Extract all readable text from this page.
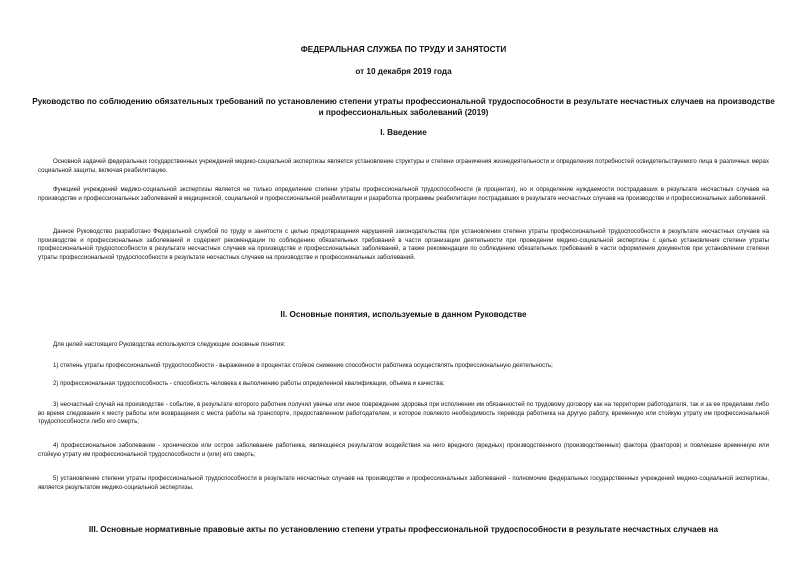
ФЕДЕРАЛЬНАЯ СЛУЖБА ПО ТРУДУ И ЗАНЯТОСТИ
от 10 декабря 2019 года
Руководство по соблюдению обязательных требований по установлению степени утраты профессиональной трудоспособности в результате несчастных случаев на производстве и профессиональных заболеваний (2019)
I. Введение
Основной задачей федеральных государственных учреждений медико-социальной экспертизы является установление структуры и степени ограничения жизнедеятельности и определения потребностей освидетельствуемого лица в различных мерах социальной защиты, включая реабилитацию.
Функцией учреждений медико-социальной экспертизы является не только определение степени утраты профессиональной трудоспособности (в процентах), но и определение нуждаемости пострадавших в результате несчастных случаев на производстве и профессиональных заболеваний в медицинской, социальной и профессиональной реабилитации и разработка программы реабилитации пострадавших в результате несчастных случаев на производстве и профессиональных заболеваний.
Данное Руководство разработано Федеральной службой по труду и занятости с целью предотвращения нарушений законодательства при установлении степени утраты профессиональной трудоспособности в результате несчастных случаев на производстве и профессиональных заболеваний и содержит рекомендации по соблюдению обязательных требований в части организации деятельности при проведении медико-социальной экспертизы с целью установления степени утраты профессиональной трудоспособности в результате несчастных случаев на производстве и профессиональных заболеваний, а также рекомендации по соблюдению обязательных требований в части оформления документов при установлении степени утраты профессиональной трудоспособности в результате несчастных случаев на производстве и профессиональных заболеваний.
II. Основные понятия, используемые в данном Руководстве
Для целей настоящего Руководства используются следующие основные понятия:
1) степень утраты профессиональной трудоспособности - выраженное в процентах стойкое снижение способности работника осуществлять профессиональную деятельность;
2) профессиональная трудоспособность - способность человека к выполнению работы определенной квалификации, объема и качества;
3) несчастный случай на производстве - событие, в результате которого работник получил увечье или иное повреждение здоровья при исполнении им обязанностей по трудовому договору как на территории работодателя, так и за ее пределами либо во время следования к месту работы или возвращения с места работы на транспорте, предоставленном работодателем, и которое повлекло необходимость перевода работника на другую работу, временную или стойкую утрату им профессиональной трудоспособности либо его смерть;
4) профессиональное заболевание - хроническое или острое заболевание работника, являющееся результатом воздействия на него вредного (вредных) производственного (производственных) фактора (факторов) и повлекшее временную или стойкую утрату им профессиональной трудоспособности и (или) его смерть;
5) установление степени утраты профессиональной трудоспособности в результате несчастных случаев на производстве и профессиональных заболеваний - полномочие федеральных государственных учреждений медико-социальной экспертизы, является результатом медико-социальной экспертизы.
III. Основные нормативные правовые акты по установлению степени утраты профессиональной трудоспособности в результате несчастных случаев на
